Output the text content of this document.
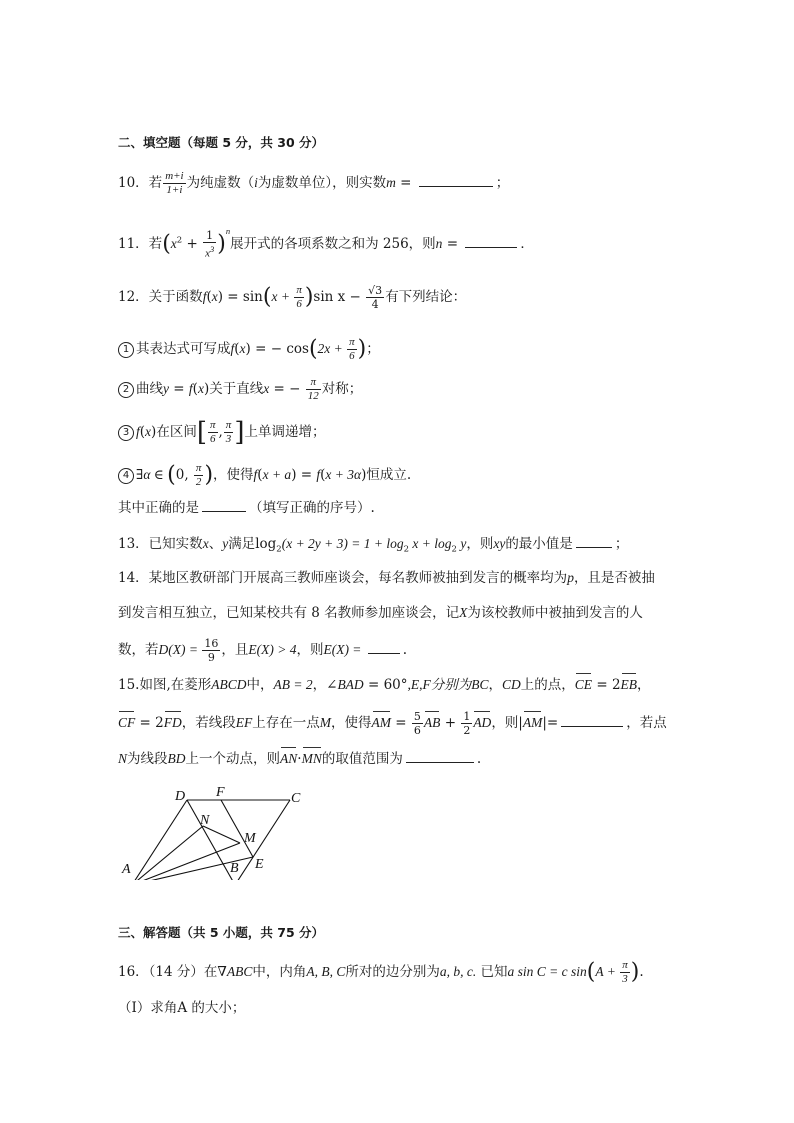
二、填空题（每题 5 分，共 30 分）
10．若 $\frac{m+i}{1+i}$ 为纯虚数（i为虚数单位），则实数m =	；
11．若$(x^2 + \frac{1}{x^3} )^n$展开式的各项系数之和为 256，则n =	．
12．关于函数$f(x) = \sin(x + \frac{\pi}{6} )\sin$ $x - \frac{√3}{4}$ 有下列结论：
1 其表达式可写成f(x) = − $\cos(2x + \frac{\pi}{6}$ )；
2 曲线y = f(x)关于直线x = − $\frac{\pi}{12}$ 对称；
3 f(x)在区间[ $\frac{\pi}{6}$ , $\frac{\pi}{3}$ ]上单调递增；
4 ∃α ∈ (0, $\frac{\pi}{2}$ )，使得f(x + a) = f(x + 3α)恒成立.
其中正确的是	（填写正确的序号）.
13．已知实数x、y满足$\log_2(x + 2y + 3) = 1 + \log_2 x + \log_2 y$，则xy的最小值是	；
14．某地区教研部门开展高三教师座谈会，每名教师被抽到发言的概率均为p，且是否被抽
到发言相互独立，已知某校共有 8 名教师参加座谈会，记X为该校教师中被抽到发言的人
数，若$D(X) = \frac{16}{9}$ ，且E(X) > 4，则E(X) =	.
15.如图,在菱形ABCD中，AB = 2，∠BAD = 60°,E,F分别为BC，CD上的点，CE = 2EB，
CF = 2FD，若线段EF上存在一点M，使得AM = $\frac{5}{6}$ AB + $\frac{1}{2}$ AD，则|AM|=	，若点
N为线段BD上一个动点，则AN·MN的取值范围为	.
D F	C
N
M
E
A	B
三、解答题（共 5 小题，共 75 分）
16．（14 分）在∇ABC中，内角A, B, C所对的边分别为a, b, c. 已知a sin C = c $\sin(A + \frac{\pi}{3}$ ).
（Ⅰ）求角A 的大小；
